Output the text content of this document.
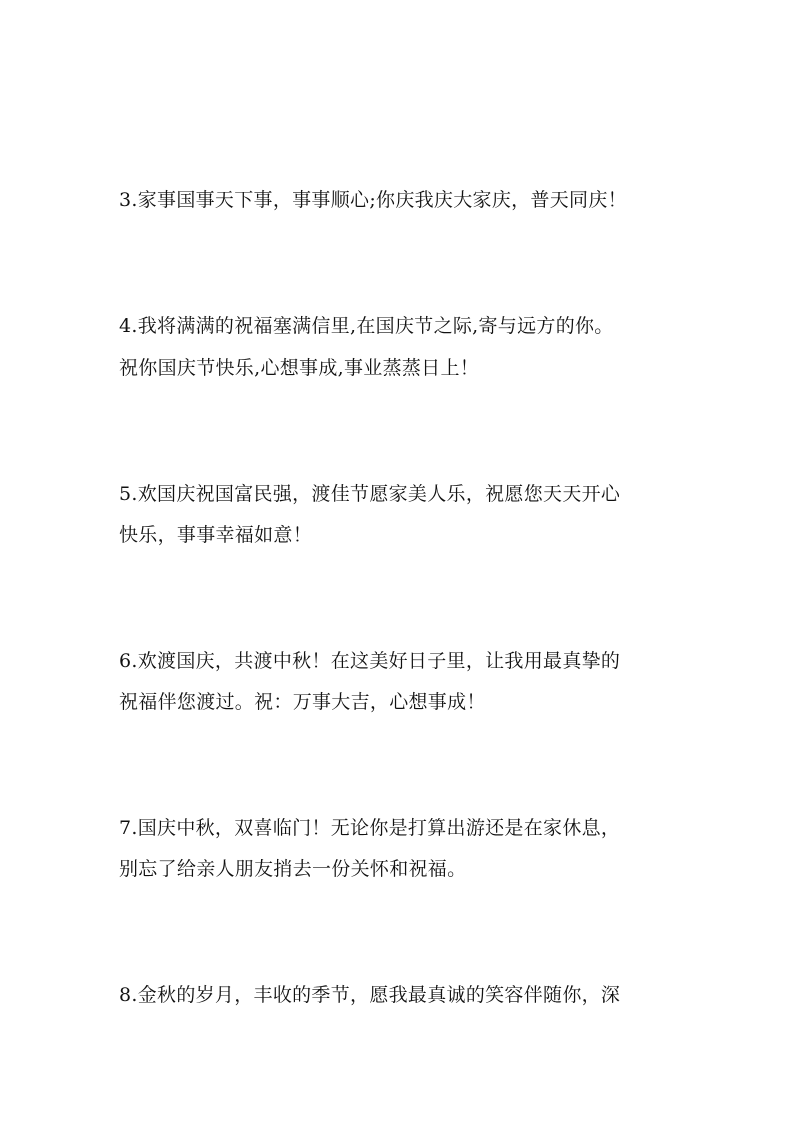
3.家事国事天下事，事事顺心;你庆我庆大家庆，普天同庆！
4.我将满满的祝福塞满信里,在国庆节之际,寄与远方的你。
祝你国庆节快乐,心想事成,事业蒸蒸日上！
5.欢国庆祝国富民强，渡佳节愿家美人乐，祝愿您天天开心
快乐，事事幸福如意！
6.欢渡国庆，共渡中秋！在这美好日子里，让我用最真挚的
祝福伴您渡过。祝：万事大吉，心想事成！
7.国庆中秋，双喜临门！无论你是打算出游还是在家休息，
别忘了给亲人朋友捎去一份关怀和祝福。
8.金秋的岁月，丰收的季节，愿我最真诚的笑容伴随你，深
